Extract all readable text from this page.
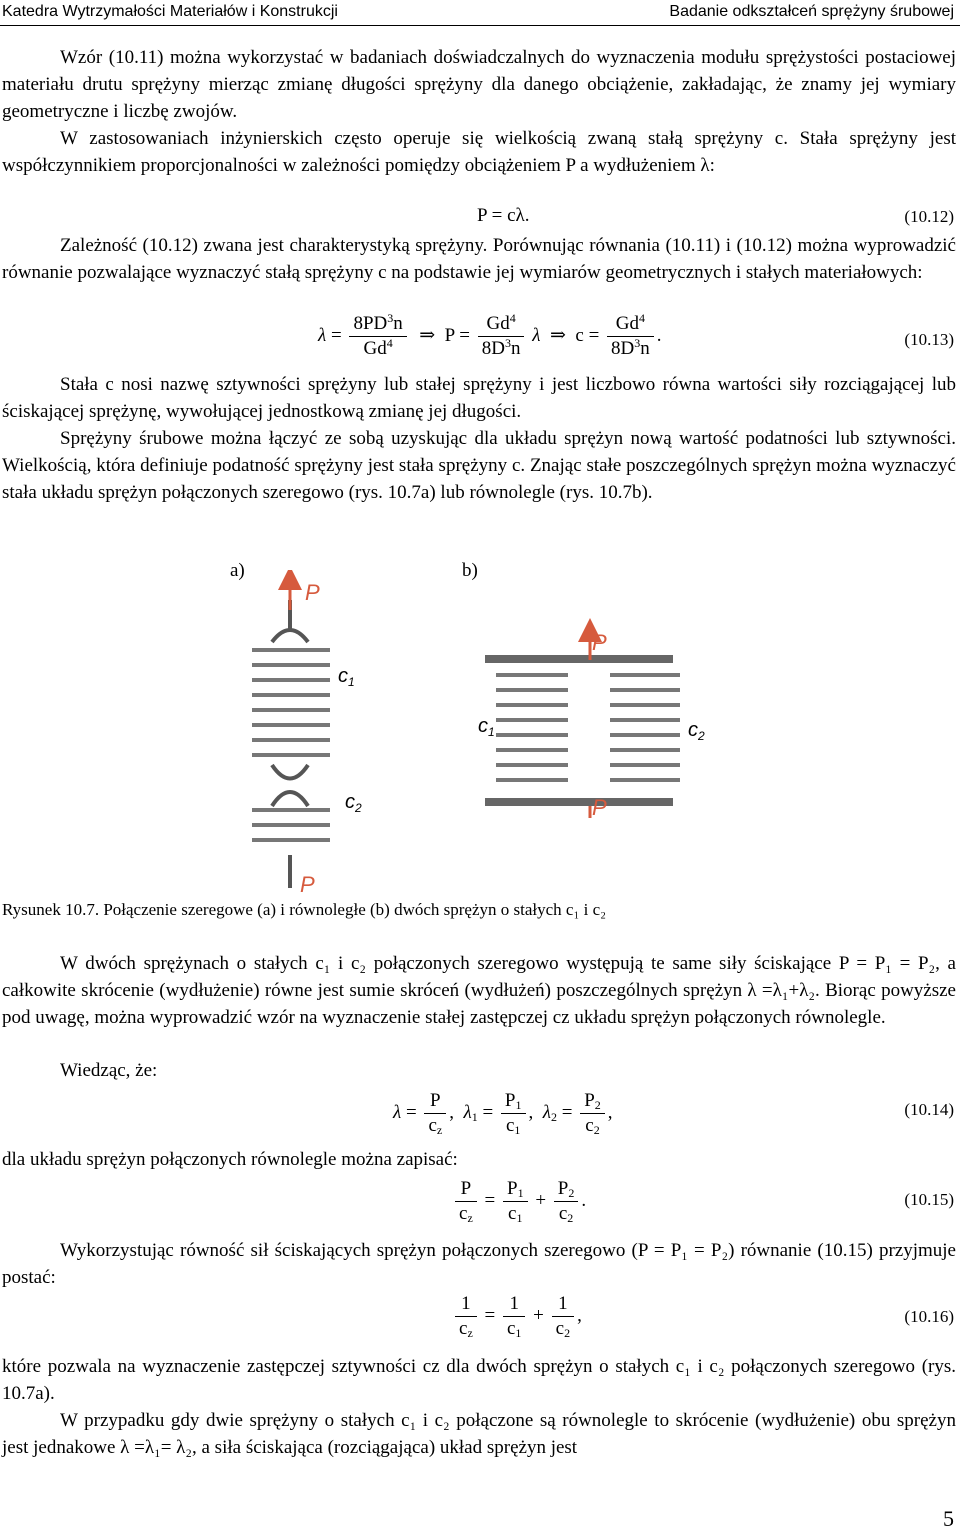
Katedra Wytrzymałości Materiałów i Konstrukcji	Badanie odkształceń sprężyny śrubowej
Wzór (10.11) można wykorzystać w badaniach doświadczalnych do wyznaczenia modułu sprężystości postaciowej materiału drutu sprężyny mierząc zmianę długości sprężyny dla danego obciążenie, zakładając, że znamy jej wymiary geometryczne i liczbę zwojów.
W zastosowaniach inżynierskich często operuje się wielkością zwaną stałą sprężyny c. Stała sprężyny jest współczynnikiem proporcjonalności w zależności pomiędzy obciążeniem P a wydłużeniem λ:
P = cλ.	(10.12)
Zależność (10.12) zwana jest charakterystyką sprężyny. Porównując równania (10.11) i (10.12) można wyprowadzić równanie pozwalające wyznaczyć stałą sprężyny c na podstawie jej wymiarów geometrycznych i stałych materiałowych:
$\lambda = \frac{8PD^3n}{Gd^4}$ ⇒  $P = \frac{Gd^4}{8D^3n}$ λ  ⇒  $c = \frac{Gd^4}{8D^3n}$ .	(10.13)
Stała c nosi nazwę sztywności sprężyny lub stałej sprężyny i jest liczbowo równa wartości siły rozciągającej lub ściskającej sprężynę, wywołującej jednostkową zmianę jej długości.
Sprężyny śrubowe można łączyć ze sobą uzyskując dla układu sprężyn nową wartość podatności lub sztywności. Wielkością, która definiuje podatność sprężyny jest stała sprężyny c. Znając stałe poszczególnych sprężyn można wyznaczyć stała układu sprężyn połączonych szeregowo (rys. 10.7a) lub równolegle (rys. 10.7b).
a)	b)
P
$c_1$
$c_2$
P
P
$c_1$	$c_2$
P
Rysunek 10.7. Połączenie szeregowe (a) i równoległe (b) dwóch sprężyn o stałych c₁ i c₂
W dwóch sprężynach o stałych c₁ i c₂ połączonych szeregowo występują te same siły ściskające P = P₁ = P₂, a całkowite skrócenie (wydłużenie) równe jest sumie skróceń (wydłużeń) poszczególnych sprężyn λ =λ₁+λ₂. Biorąc powyższe pod uwagę, można wyprowadzić wzór na wyznaczenie stałej zastępczej cz układu sprężyn połączonych równolegle.
Wiedząc, że:
$\lambda = \frac{P}{c_z}$ ,  $\lambda_1 = \frac{P_1}{c_1}$ ,  $\lambda_2 = \frac{P_2}{c_2}$ ,	(10.14)
dla układu sprężyn połączonych równolegle można zapisać:
$\frac{P}{c_z} = \frac{P_1}{c_1} + \frac{P_2}{c_2}$ .	(10.15)
Wykorzystując równość sił ściskających sprężyn połączonych szeregowo (P = P₁ = P₂) równanie (10.15) przyjmuje postać:
$\frac{1}{c_z} = \frac{1}{c_1} + \frac{1}{c_2}$ ,	(10.16)
które pozwala na wyznaczenie zastępczej sztywności cz dla dwóch sprężyn o stałych c₁ i c₂ połączonych szeregowo (rys. 10.7a).
W przypadku gdy dwie sprężyny o stałych c₁ i c₂ połączone są równolegle to skrócenie (wydłużenie) obu sprężyn jest jednakowe λ =λ₁= λ₂, a siła ściskająca (rozciągająca) układ sprężyn jest
5
